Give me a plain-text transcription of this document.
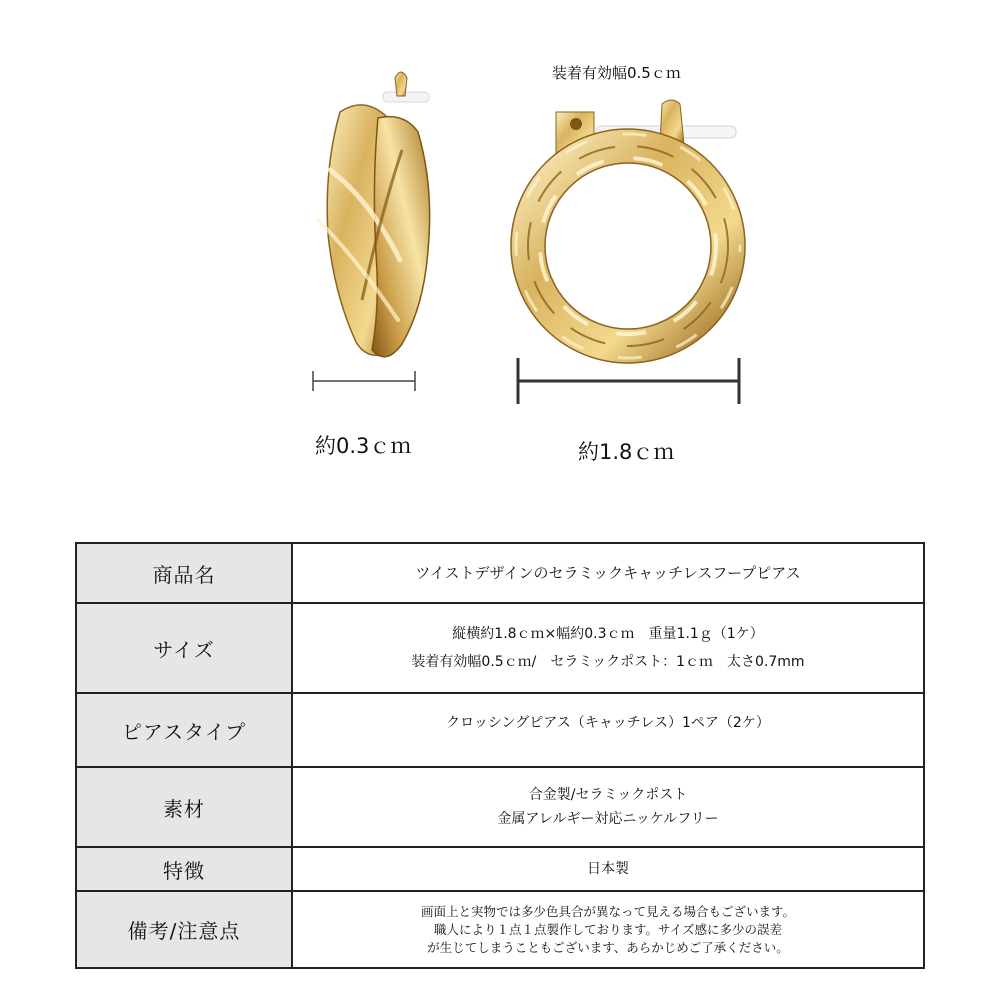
装着有効幅0.5ｃｍ
約0.3ｃｍ	約1.8ｃｍ
商品名	ツイストデザインのセラミックキャッチレスフープピアス

サイズ	縦横約1.8ｃｍ×幅約0.3ｃｍ　重量1.1ｇ（1ケ）
装着有効幅0.5ｃｍ/　セラミックポスト：1ｃｍ　太さ0.7mm

ピアスタイプ	クロッシングピアス（キャッチレス）1ペア（2ケ）

素材	合金製/セラミックポスト
金属アレルギー対応ニッケルフリー

特徴	日本製

備考/注意点	画面上と実物では多少色具合が異なって見える場合もございます。
職人により１点１点製作しております。サイズ感に多少の誤差
が生じてしまうこともございます、あらかじめご了承ください。
